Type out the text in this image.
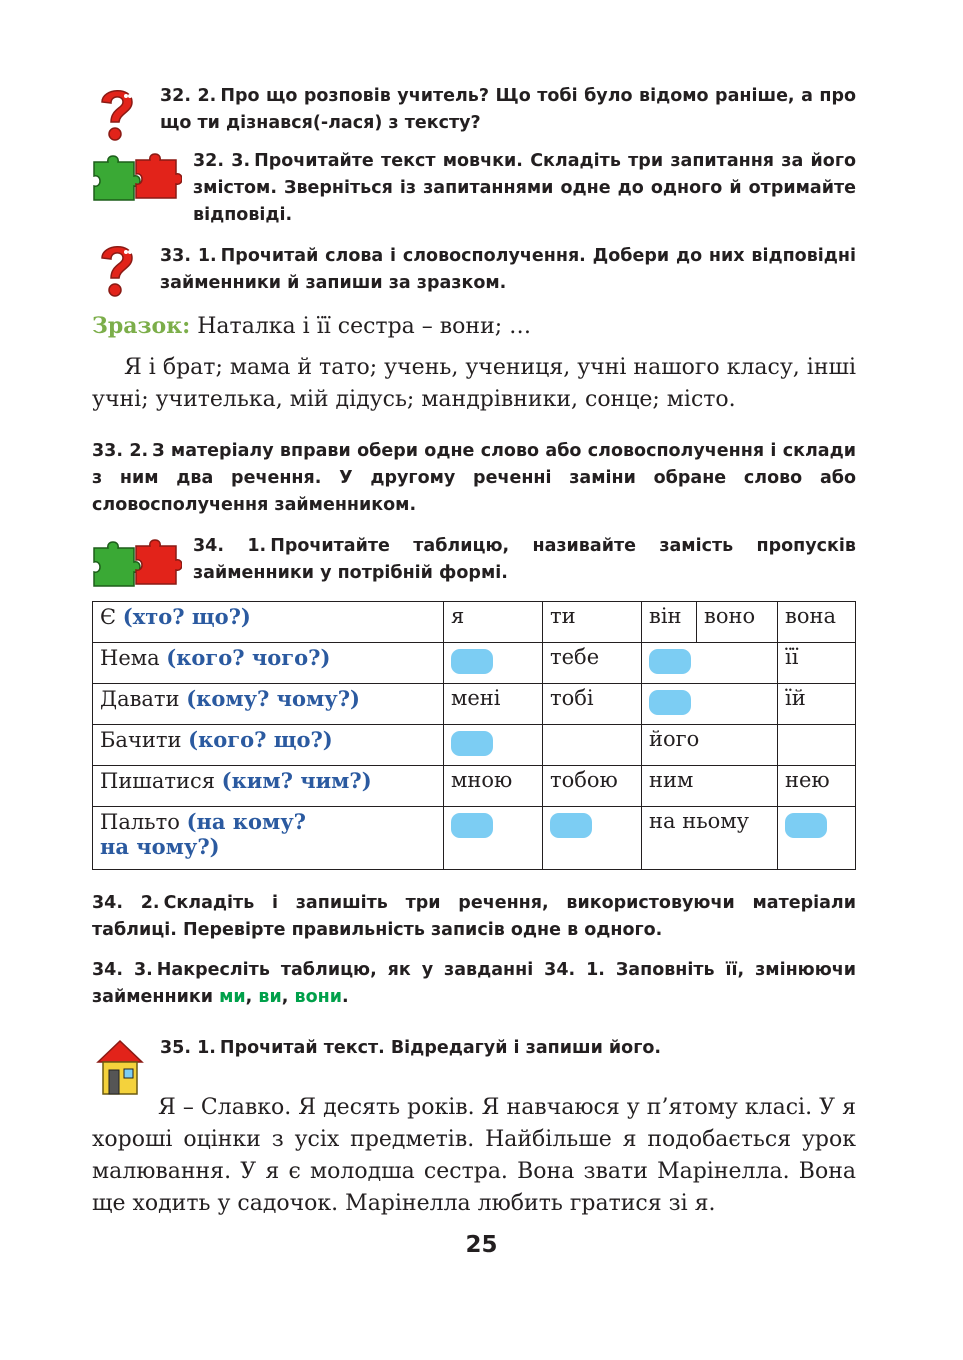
32. 2. Про що розповів учитель? Що тобі було відомо раніше, а про що ти дізнався(-лася) з тексту?
32. 3. Прочитайте текст мовчки. Складіть три запитання за його змістом. Зверніться із запитаннями одне до одного й отримайте відповіді.
33. 1. Прочитай слова і словосполучення. Добери до них відповідні займенники й запиши за зразком.
Зразок: Наталка і її сестра – вони; …
Я і брат; мама й тато; учень, учениця, учні нашого класу, інші учні; учителька, мій дідусь; мандрівники, сонце; місто.
33. 2. З матеріалу вправи обери одне слово або словосполучення і склади з ним два речення. У другому реченні заміни обране слово або словосполучення займенником.
34. 1. Прочитайте таблицю, називайте замість пропусків займенники у потрібній формі.
Є (хто? що?)	я	ти	він	воно	вона
Нема (кого? чого?)		тебе			її
Давати (кому? чому?)	мені	тобі			їй
Бачити (кого? що?)			його		
Пишатися (ким? чим?)	мною	тобою	ним		нею
Пальто (на кому?
на чому?)			на ньому		
34. 2. Складіть і запишіть три речення, використовуючи матеріали таблиці. Перевірте правильність записів одне в одного.
34. 3. Накресліть таблицю, як у завданні 34. 1. Заповніть її, змінюючи займенники ми, ви, вони.
35. 1. Прочитай текст. Відредагуй і запиши його.
Я – Славко. Я десять років. Я навчаюся у п’ятому класі. У я хороші оцінки з усіх предметів. Найбільше я подобається урок малювання. У я є молодша сестра. Вона звати Марінелла. Вона ще ходить у садочок. Марінелла любить гратися зі я.
25
